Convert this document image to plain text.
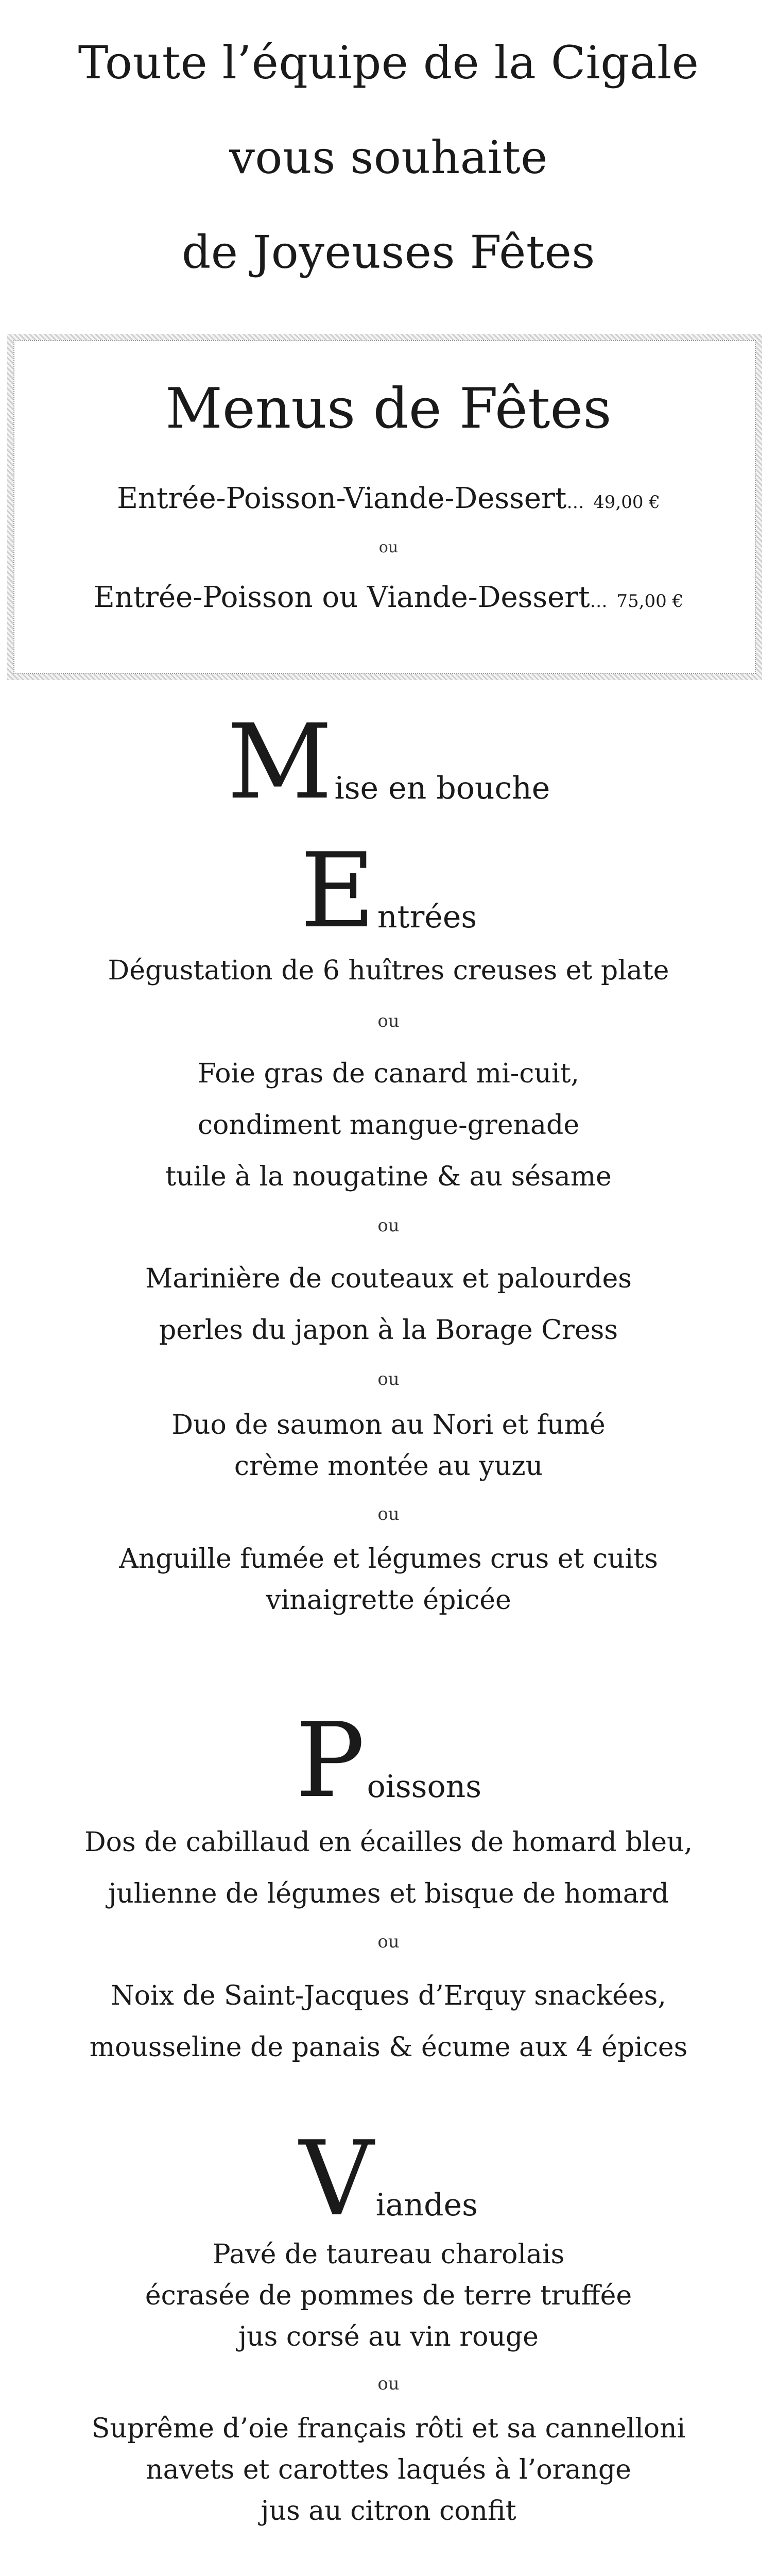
Toute l’équipe de la Cigale
vous souhaite
de Joyeuses Fêtes
Menus de Fêtes
Entrée-Poisson-Viande-Dessert… 49,00 €
ou
Entrée-Poisson ou Viande-Dessert… 75,00 €
M ise en bouche
E ntrées
Dégustation de 6 huîtres creuses et plate
ou
Foie gras de canard mi-cuit,
condiment mangue-grenade
tuile à la nougatine & au sésame
ou
Marinière de couteaux et palourdes
perles du japon à la Borage Cress
ou
Duo de saumon au Nori et fumé
crème montée au yuzu
ou
Anguille fumée et légumes crus et cuits
vinaigrette épicée
P oissons
Dos de cabillaud en écailles de homard bleu,
julienne de légumes et bisque de homard
ou
Noix de Saint-Jacques d’Erquy snackées,
mousseline de panais & écume aux 4 épices
V iandes
Pavé de taureau charolais
écrasée de pommes de terre truffée
jus corsé au vin rouge
ou
Suprême d’oie français rôti et sa cannelloni
navets et carottes laqués à l’orange
jus au citron confit
